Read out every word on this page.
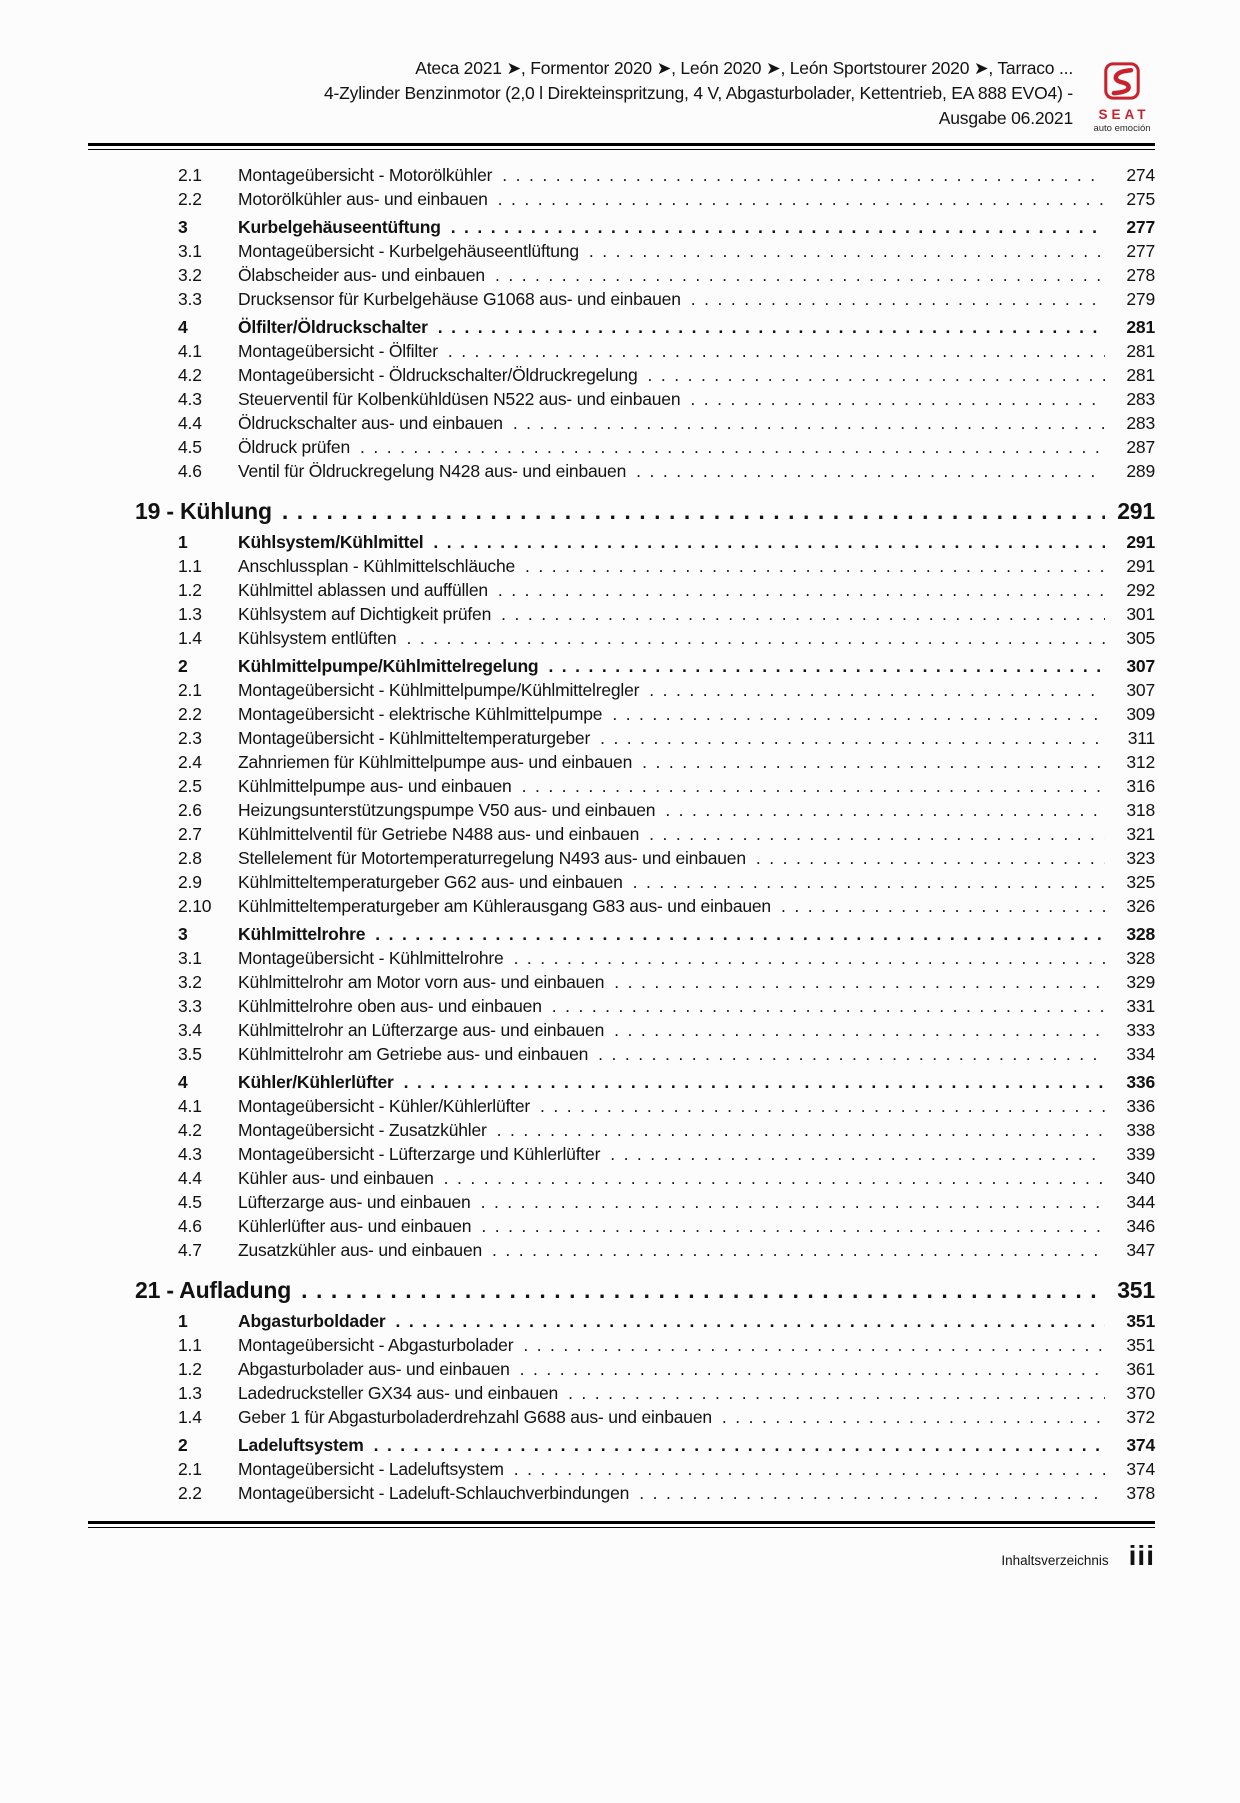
Ateca 2021 ➤, Formentor 2020 ➤, León 2020 ➤, León Sportstourer 2020 ➤, Tarraco ...
4-Zylinder Benzinmotor (2,0 l Direkteinspritzung, 4 V, Abgasturbolader, Kettentrieb, EA 888 EVO4) -
Ausgabe 06.2021 SEAT
auto emoción
2.1	Montageübersicht - Motorölkühler .....	274
2.2	Motorölkühler aus- und einbauen .....	275
3	Kurbelgehäuseentüftung .....	277
3.1	Montageübersicht - Kurbelgehäuseentlüftung .....	277
3.2	Ölabscheider aus- und einbauen .....	278
3.3	Drucksensor für Kurbelgehäuse G1068 aus- und einbauen .....	279
4	Ölfilter/Öldruckschalter .....	281
4.1	Montageübersicht - Ölfilter .....	281
4.2	Montageübersicht - Öldruckschalter/Öldruckregelung .....	281
4.3	Steuerventil für Kolbenkühldüsen N522 aus- und einbauen .....	283
4.4	Öldruckschalter aus- und einbauen .....	283
4.5	Öldruck prüfen .....	287
4.6	Ventil für Öldruckregelung N428 aus- und einbauen .....	289
19 - Kühlung .....	291
1	Kühlsystem/Kühlmittel .....	291
1.1	Anschlussplan - Kühlmittelschläuche .....	291
1.2	Kühlmittel ablassen und auffüllen .....	292
1.3	Kühlsystem auf Dichtigkeit prüfen .....	301
1.4	Kühlsystem entlüften .....	305
2	Kühlmittelpumpe/Kühlmittelregelung .....	307
2.1	Montageübersicht - Kühlmittelpumpe/Kühlmittelregler .....	307
2.2	Montageübersicht - elektrische Kühlmittelpumpe .....	309
2.3	Montageübersicht - Kühlmitteltemperaturgeber .....	311
2.4	Zahnriemen für Kühlmittelpumpe aus- und einbauen .....	312
2.5	Kühlmittelpumpe aus- und einbauen .....	316
2.6	Heizungsunterstützungspumpe V50 aus- und einbauen .....	318
2.7	Kühlmittelventil für Getriebe N488 aus- und einbauen .....	321
2.8	Stellelement für Motortemperaturregelung N493 aus- und einbauen .....	323
2.9	Kühlmitteltemperaturgeber G62 aus- und einbauen .....	325
2.10	Kühlmitteltemperaturgeber am Kühlerausgang G83 aus- und einbauen .....	326
3	Kühlmittelrohre .....	328
3.1	Montageübersicht - Kühlmittelrohre .....	328
3.2	Kühlmittelrohr am Motor vorn aus- und einbauen .....	329
3.3	Kühlmittelrohre oben aus- und einbauen .....	331
3.4	Kühlmittelrohr an Lüfterzarge aus- und einbauen .....	333
3.5	Kühlmittelrohr am Getriebe aus- und einbauen .....	334
4	Kühler/Kühlerlüfter .....	336
4.1	Montageübersicht - Kühler/Kühlerlüfter .....	336
4.2	Montageübersicht - Zusatzkühler .....	338
4.3	Montageübersicht - Lüfterzarge und Kühlerlüfter .....	339
4.4	Kühler aus- und einbauen .....	340
4.5	Lüfterzarge aus- und einbauen .....	344
4.6	Kühlerlüfter aus- und einbauen .....	346
4.7	Zusatzkühler aus- und einbauen .....	347
21 - Aufladung .....	351
1	Abgasturboldader .....	351
1.1	Montageübersicht - Abgasturbolader .....	351
1.2	Abgasturbolader aus- und einbauen .....	361
1.3	Ladedrucksteller GX34 aus- und einbauen .....	370
1.4	Geber 1 für Abgasturboladerdrehzahl G688 aus- und einbauen .....	372
2	Ladeluftsystem .....	374
2.1	Montageübersicht - Ladeluftsystem .....	374
2.2	Montageübersicht - Ladeluft-Schlauchverbindungen .....	378
Inhaltsverzeichnis iii
